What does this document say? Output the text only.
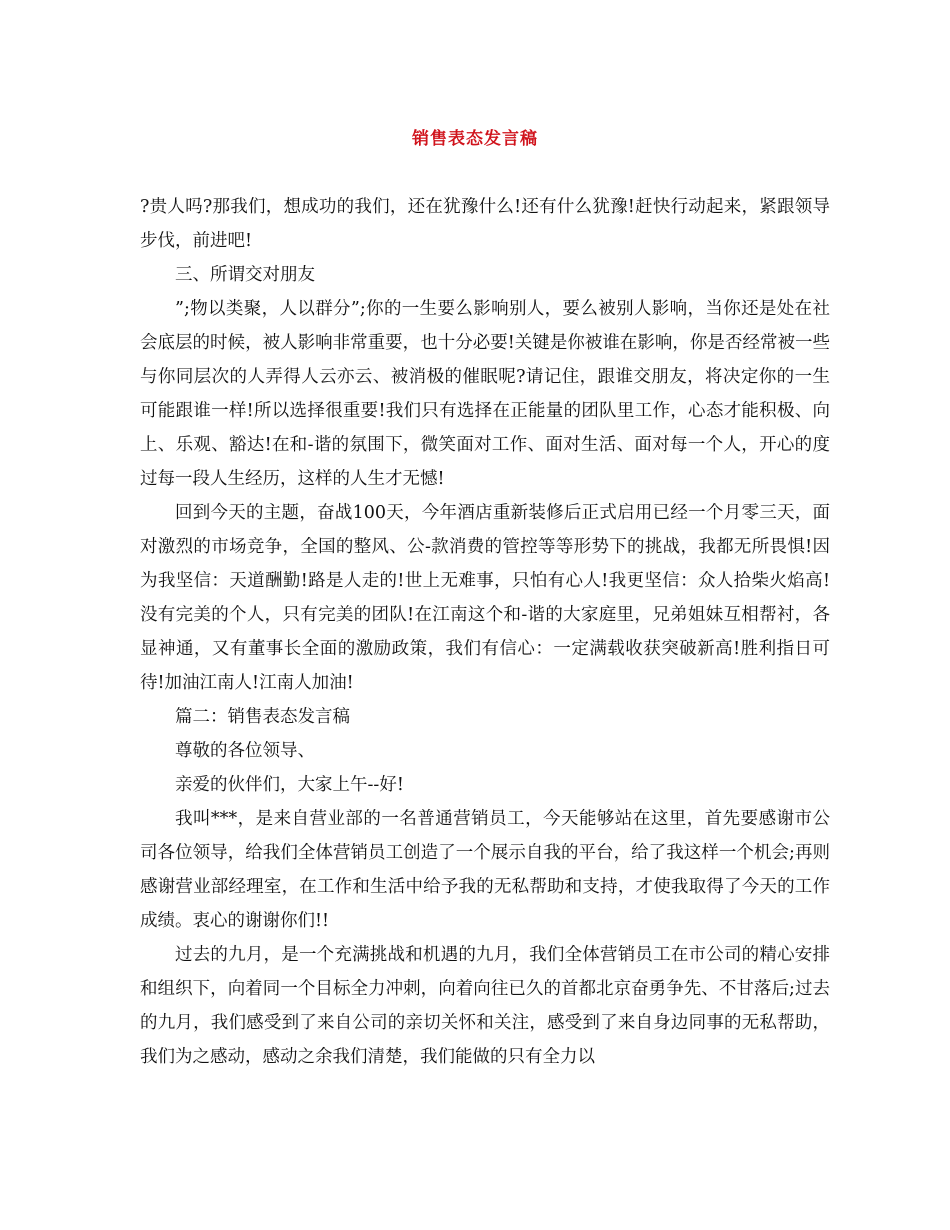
销售表态发言稿

?贵人吗?那我们，想成功的我们，还在犹豫什么!还有什么犹豫!赶快行动起来，紧跟领导步伐，前进吧!

三、所谓交对朋友

”;物以类聚，人以群分”;你的一生要么影响别人，要么被别人影响，当你还是处在社会底层的时候，被人影响非常重要，也十分必要!关键是你被谁在影响，你是否经常被一些与你同层次的人弄得人云亦云、被消极的催眠呢?请记住，跟谁交朋友，将决定你的一生可能跟谁一样!所以选择很重要!我们只有选择在正能量的团队里工作，心态才能积极、向上、乐观、豁达!在和-谐的氛围下，微笑面对工作、面对生活、面对每一个人，开心的度过每一段人生经历，这样的人生才无憾!

回到今天的主题，奋战100天，今年酒店重新装修后正式启用已经一个月零三天，面对激烈的市场竞争，全国的整风、公-款消费的管控等等形势下的挑战，我都无所畏惧!因为我坚信：天道酬勤!路是人走的!世上无难事，只怕有心人!我更坚信：众人拾柴火焰高!没有完美的个人，只有完美的团队!在江南这个和-谐的大家庭里，兄弟姐妹互相帮衬，各显神通，又有董事长全面的激励政策，我们有信心：一定满载收获突破新高!胜利指日可待!加油江南人!江南人加油!

篇二：销售表态发言稿

尊敬的各位领导、

亲爱的伙伴们，大家上午--好!

我叫***，是来自营业部的一名普通营销员工，今天能够站在这里，首先要感谢市公司各位领导，给我们全体营销员工创造了一个展示自我的平台，给了我这样一个机会;再则感谢营业部经理室，在工作和生活中给予我的无私帮助和支持，才使我取得了今天的工作成绩。衷心的谢谢你们!!

过去的九月，是一个充满挑战和机遇的九月，我们全体营销员工在市公司的精心安排和组织下，向着同一个目标全力冲刺，向着向往已久的首都北京奋勇争先、不甘落后;过去的九月，我们感受到了来自公司的亲切关怀和关注，感受到了来自身边同事的无私帮助，我们为之感动，感动之余我们清楚，我们能做的只有全力以
